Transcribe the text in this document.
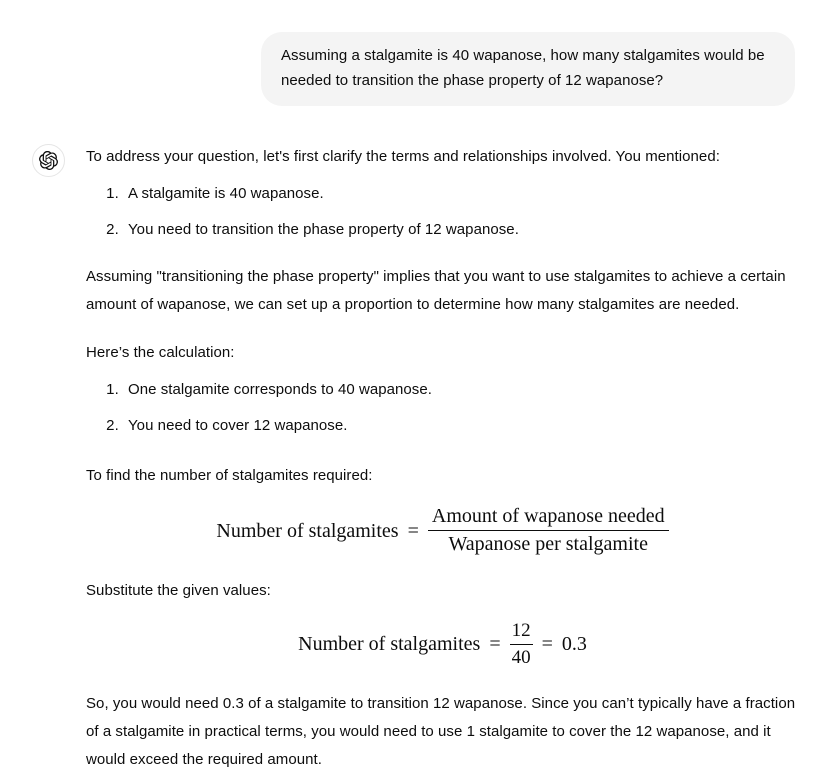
Assuming a stalgamite is 40 wapanose, how many stalgamites would be needed to transition the phase property of 12 wapanose?

To address your question, let's first clarify the terms and relationships involved. You mentioned:

1. A stalgamite is 40 wapanose.
2. You need to transition the phase property of 12 wapanose.

Assuming "transitioning the phase property" implies that you want to use stalgamites to achieve a certain amount of wapanose, we can set up a proportion to determine how many stalgamites are needed.

Here’s the calculation:

1. One stalgamite corresponds to 40 wapanose.
2. You need to cover 12 wapanose.

To find the number of stalgamites required:

Number of stalgamites = $\frac{\text{Amount of wapanose needed}}{\text{Wapanose per stalgamite}}$

Substitute the given values:

Number of stalgamites = $\frac{12}{40} = 0.3$

So, you would need 0.3 of a stalgamite to transition 12 wapanose. Since you can’t typically have a fraction of a stalgamite in practical terms, you would need to use 1 stalgamite to cover the 12 wapanose, and it would exceed the required amount.
